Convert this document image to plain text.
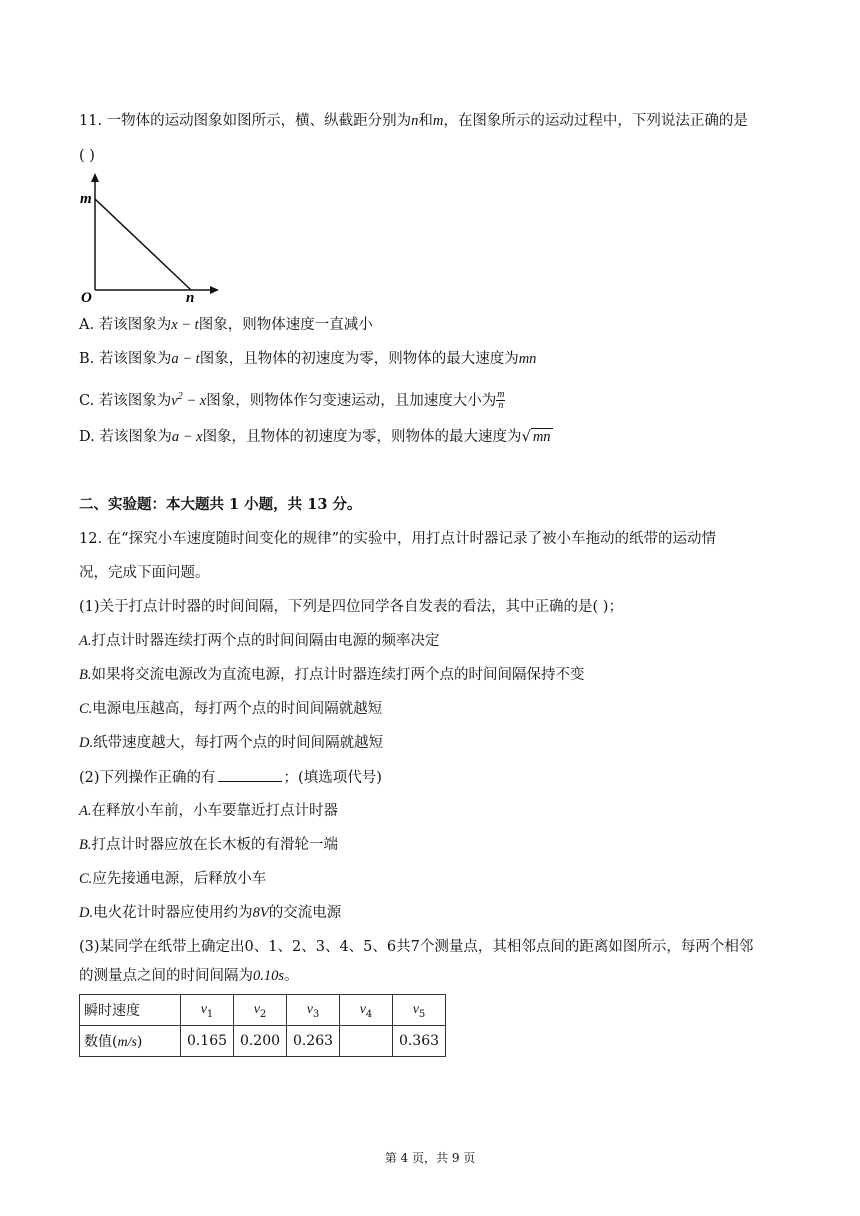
11. 一物体的运动图象如图所示，横、纵截距分别为n和m，在图象所示的运动过程中，下列说法正确的是
( )
m
n
O
A. 若该图象为x − t图象，则物体速度一直减小
B. 若该图象为a − t图象，且物体的初速度为零，则物体的最大速度为mn
C. 若该图象为$v^2 - x$图象，则物体作匀变速运动，且加速度大小为 $\frac{m}{n}$
D. 若该图象为a − x图象，且物体的初速度为零，则物体的最大速度为√ mn
二、实验题：本大题共 1 小题，共 13 分。
12. 在“探究小车速度随时间变化的规律”的实验中，用打点计时器记录了被小车拖动的纸带的运动情
况，完成下面问题。
(1)关于打点计时器的时间间隔，下列是四位同学各自发表的看法，其中正确的是( )；
A.打点计时器连续打两个点的时间间隔由电源的频率决定
B.如果将交流电源改为直流电源，打点计时器连续打两个点的时间间隔保持不变
C.电源电压越高，每打两个点的时间间隔就越短
D.纸带速度越大，每打两个点的时间间隔就越短
(2)下列操作正确的有	；(填选项代号)
A.在释放小车前，小车要靠近打点计时器
B.打点计时器应放在长木板的有滑轮一端
C.应先接通电源，后释放小车
D.电火花计时器应使用约为8V的交流电源
(3)某同学在纸带上确定出0、1、2、3、4、5、6共7个测量点，其相邻点间的距离如图所示，每两个相邻
的测量点之间的时间间隔为0.10s。
瞬时速度	$v_1$	$v_2$	$v_3$	$v_4$	$v_5$
数值(m/s)	0.165	0.200	0.263		0.363
第 4 页，共 9 页
